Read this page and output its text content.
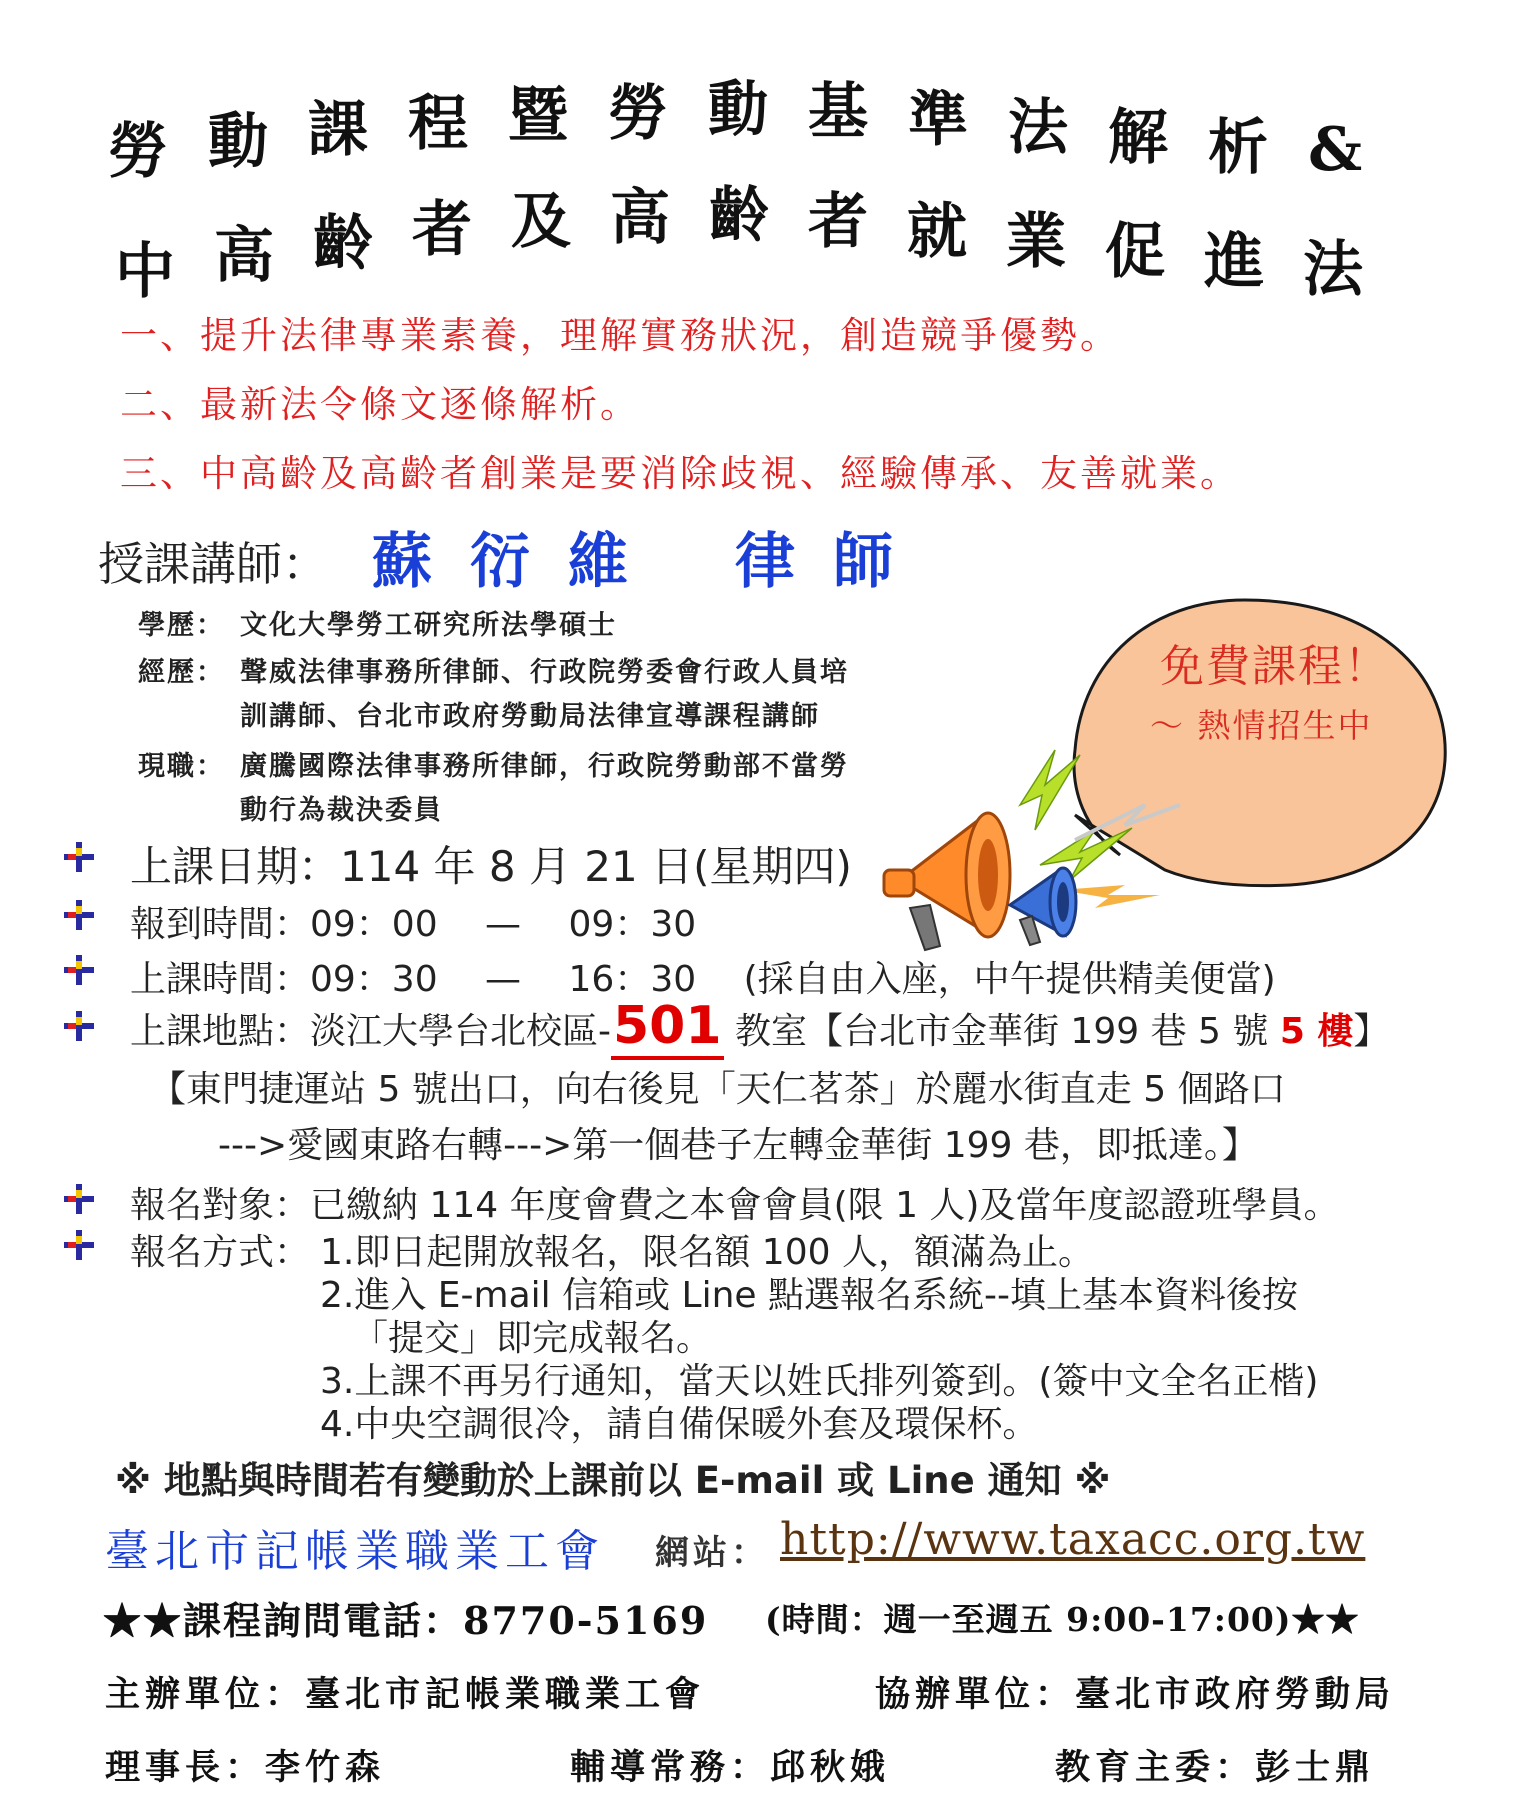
勞 動 課 程 暨 勞 動 基 準 法 解 析 &
中 高 齡 者 及 高 齡 者 就 業 促 進 法
一、提升法律專業素養，理解實務狀況，創造競爭優勢。
二、最新法令條文逐條解析。
三、中高齡及高齡者創業是要消除歧視、經驗傳承、友善就業。
授課講師： 蘇衍維 律師
學歷： 文化大學勞工研究所法學碩士
經歷： 聲威法律事務所律師、行政院勞委會行政人員培
訓講師、台北市政府勞動局法律宣導課程講師
現職： 廣騰國際法律事務所律師，行政院勞動部不當勞
動行為裁決委員
免費課程！
～ 熱情招生中
上課日期：114 年 8 月 21 日(星期四)
報到時間：09：00　 —　 09：30
上課時間：09：30　 —　 16：30　 (採自由入座，中午提供精美便當)
上課地點：淡江大學台北校區-501 教室【台北市金華街 199 巷 5 號 5 樓】
【東門捷運站 5 號出口，向右後見「天仁茗茶」於麗水街直走 5 個路口
--->愛國東路右轉--->第一個巷子左轉金華街 199 巷，即抵達。】
報名對象：已繳納 114 年度會費之本會會員(限 1 人)及當年度認證班學員。
報名方式： 1.即日起開放報名，限名額 100 人，額滿為止。
2.進入 E-mail 信箱或 Line 點選報名系統--填上基本資料後按
「提交」即完成報名。
3.上課不再另行通知，當天以姓氏排列簽到。(簽中文全名正楷)
4.中央空調很冷，請自備保暖外套及環保杯。
※ 地點與時間若有變動於上課前以 E-mail 或 Line 通知 ※
臺北市記帳業職業工會 網站： http://www.taxacc.org.tw
★★課程詢問電話：8770-5169 (時間：週一至週五 9:00-17:00)★★
主辦單位：臺北市記帳業職業工會	協辦單位：臺北市政府勞動局
理事長：李竹森	輔導常務：邱秋娥	教育主委：彭士鼎
